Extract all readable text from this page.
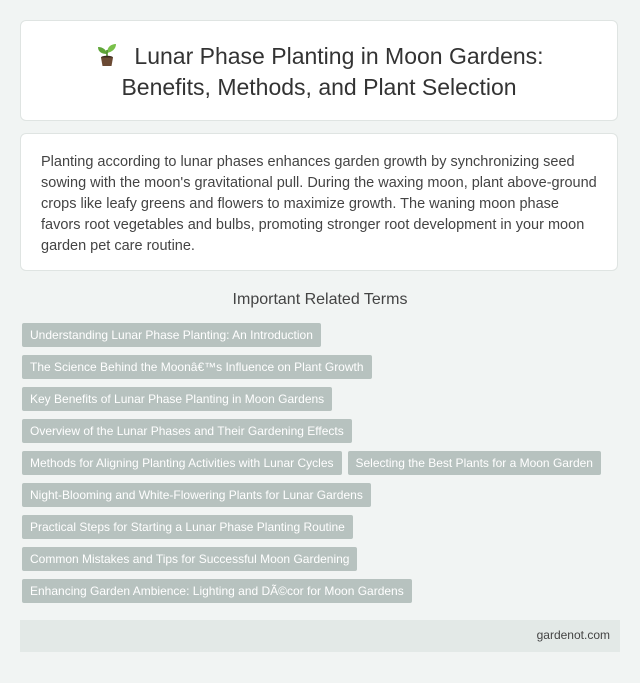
Lunar Phase Planting in Moon Gardens:
Benefits, Methods, and Plant Selection

Planting according to lunar phases enhances garden growth by synchronizing seed sowing with the moon's gravitational pull. During the waxing moon, plant above-ground crops like leafy greens and flowers to maximize growth. The waning moon phase favors root vegetables and bulbs, promoting stronger root development in your moon garden pet care routine.

Important Related Terms
Understanding Lunar Phase Planting: An Introduction
The Science Behind the Moonâ€™s Influence on Plant Growth
Key Benefits of Lunar Phase Planting in Moon Gardens
Overview of the Lunar Phases and Their Gardening Effects
Methods for Aligning Planting Activities with Lunar Cycles	Selecting the Best Plants for a Moon Garden
Night-Blooming and White-Flowering Plants for Lunar Gardens
Practical Steps for Starting a Lunar Phase Planting Routine
Common Mistakes and Tips for Successful Moon Gardening
Enhancing Garden Ambience: Lighting and DÃ©cor for Moon Gardens
gardenot.com
